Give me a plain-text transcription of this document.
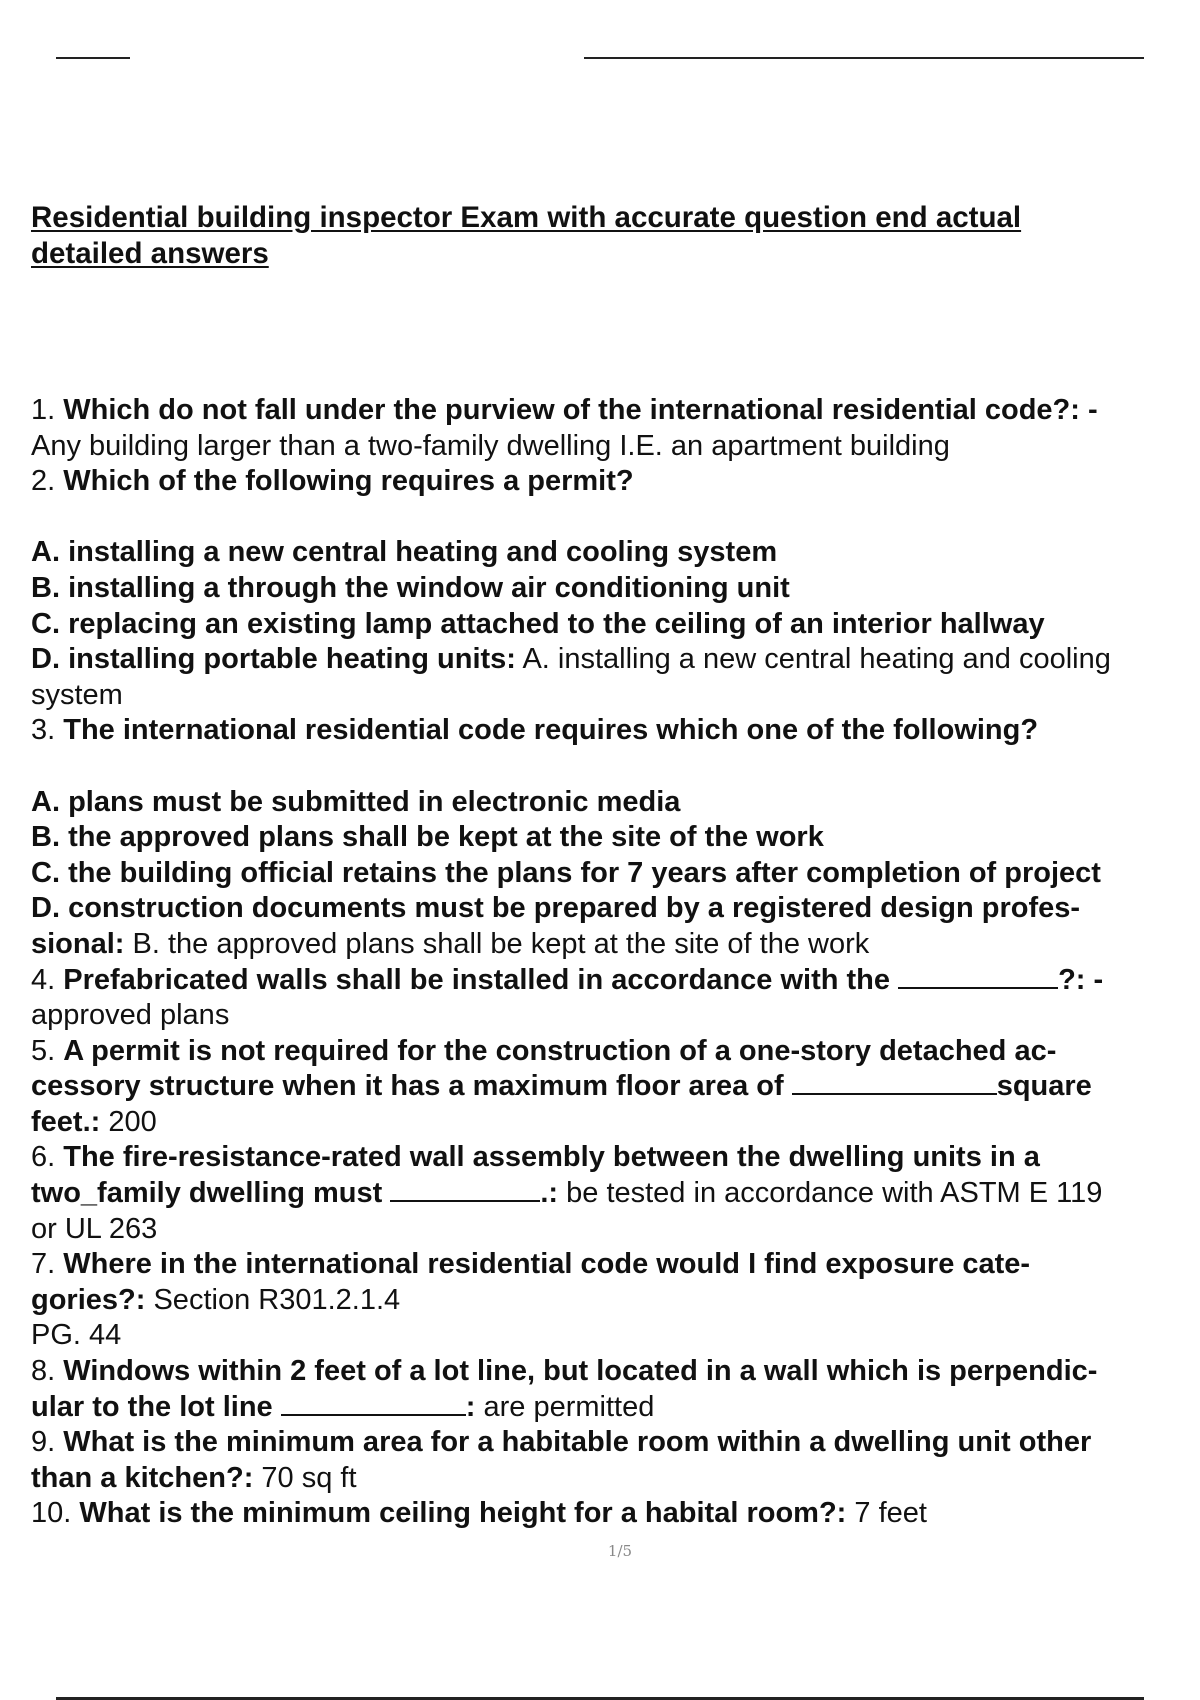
Residential building inspector Exam with accurate question end actual
detailed answers
1. Which do not fall under the purview of the international residential code?: -
Any building larger than a two-family dwelling I.E. an apartment building
2. Which of the following requires a permit?
A. installing a new central heating and cooling system
B. installing a through the window air conditioning unit
C. replacing an existing lamp attached to the ceiling of an interior hallway
D. installing portable heating units: A. installing a new central heating and cooling
system
3. The international residential code requires which one of the following?
A. plans must be submitted in electronic media
B. the approved plans shall be kept at the site of the work
C. the building official retains the plans for 7 years after completion of project
D. construction documents must be prepared by a registered design profes-
sional: B. the approved plans shall be kept at the site of the work
4. Prefabricated walls shall be installed in accordance with the	?: -
approved plans
5. A permit is not required for the construction of a one-story detached ac-
cessory structure when it has a maximum floor area of	square
feet.: 200
6. The fire-resistance-rated wall assembly between the dwelling units in a
two_family dwelling must	.: be tested in accordance with ASTM E 119
or UL 263
7. Where in the international residential code would I find exposure cate-
gories?: Section R301.2.1.4
PG. 44
8. Windows within 2 feet of a lot line, but located in a wall which is perpendic-
ular to the lot line	: are permitted
9. What is the minimum area for a habitable room within a dwelling unit other
than a kitchen?: 70 sq ft
10. What is the minimum ceiling height for a habital room?: 7 feet
1/5
